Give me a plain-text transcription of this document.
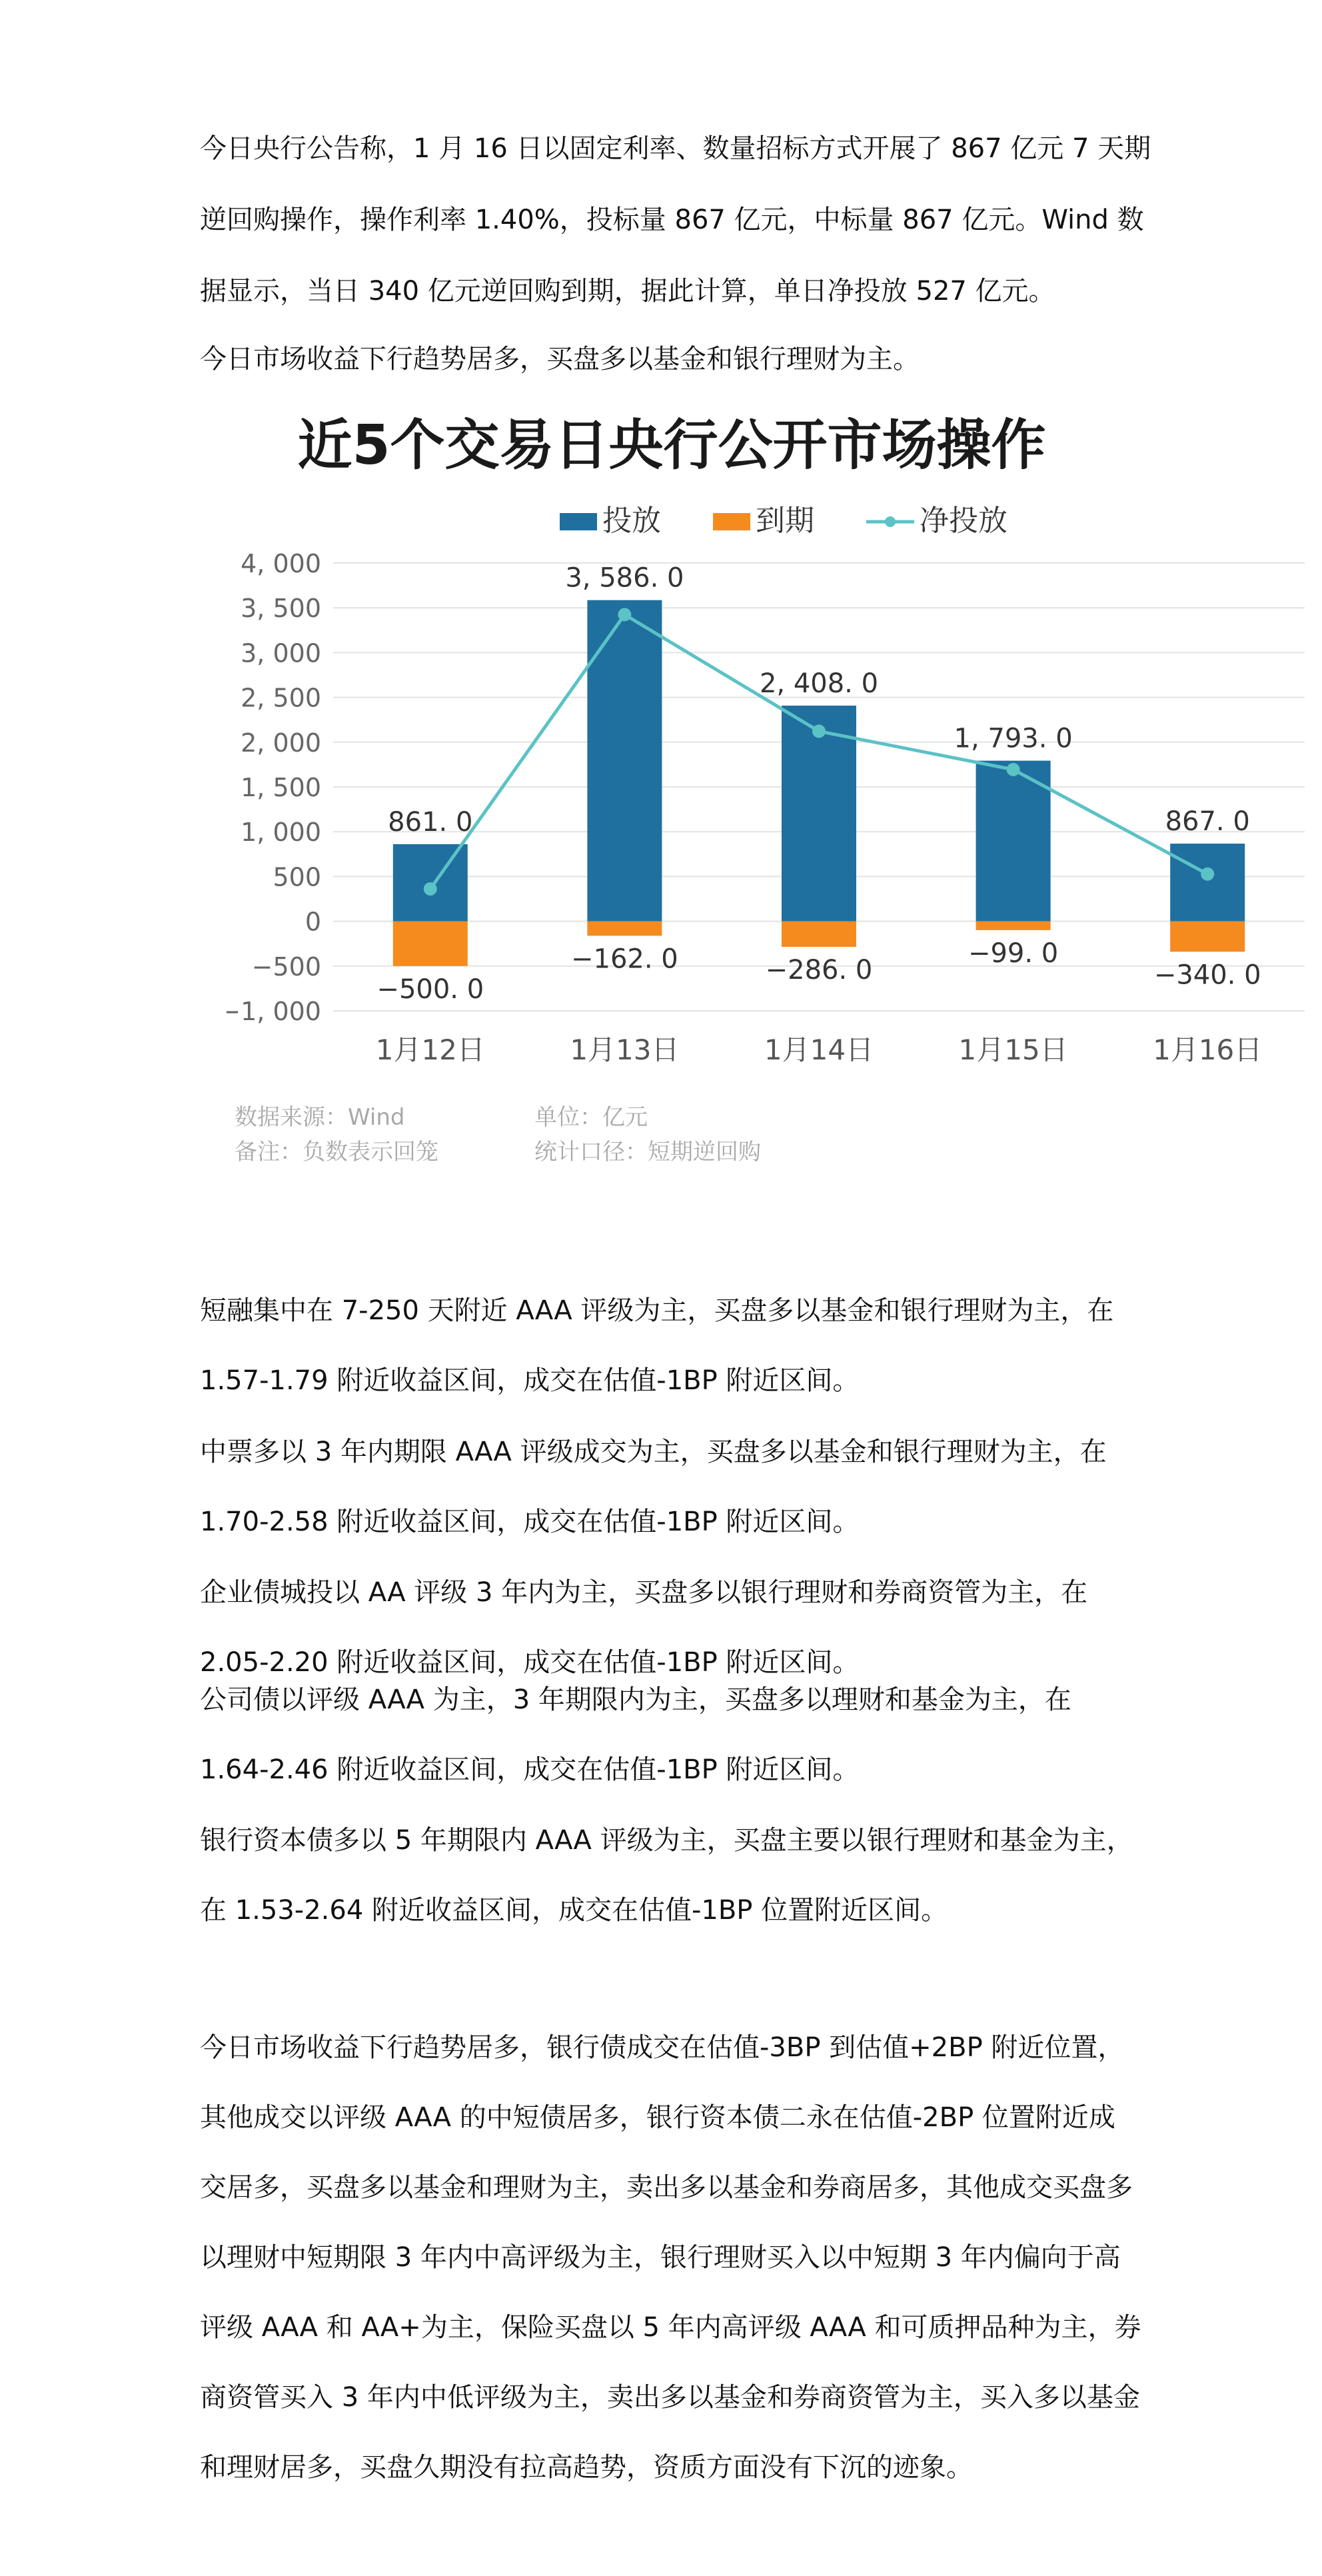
今日央行公告称，1 月 16 日以固定利率、数量招标方式开展了 867 亿元 7 天期
逆回购操作，操作利率 1.40%，投标量 867 亿元，中标量 867 亿元。Wind 数
据显示，当日 340 亿元逆回购到期，据此计算，单日净投放 527 亿元。
今日市场收益下行趋势居多，买盘多以基金和银行理财为主。
近5个交易日央行公开市场操作
投放	到期	净投放
4, 000
3, 500
3, 000
2, 500
2, 000
1, 500
1, 000
500
0
−500
−1, 000
861. 0
−500. 0
3, 586. 0
−162. 0
2, 408. 0
−286. 0
1, 793. 0
−99. 0
867. 0
−340. 0
1月12日	1月13日	1月14日	1月15日	1月16日
数据来源：Wind	单位：亿元
备注：负数表示回笼	统计口径：短期逆回购
短融集中在 7-250 天附近 AAA 评级为主，买盘多以基金和银行理财为主，在
1.57-1.79 附近收益区间，成交在估值-1BP 附近区间。
中票多以 3 年内期限 AAA 评级成交为主，买盘多以基金和银行理财为主，在
1.70-2.58 附近收益区间，成交在估值-1BP 附近区间。
企业债城投以 AA 评级 3 年内为主，买盘多以银行理财和券商资管为主，在
2.05-2.20 附近收益区间，成交在估值-1BP 附近区间。
公司债以评级 AAA 为主，3 年期限内为主，买盘多以理财和基金为主，在
1.64-2.46 附近收益区间，成交在估值-1BP 附近区间。
银行资本债多以 5 年期限内 AAA 评级为主，买盘主要以银行理财和基金为主，
在 1.53-2.64 附近收益区间，成交在估值-1BP 位置附近区间。
今日市场收益下行趋势居多，银行债成交在估值-3BP 到估值+2BP 附近位置，
其他成交以评级 AAA 的中短债居多，银行资本债二永在估值-2BP 位置附近成
交居多，买盘多以基金和理财为主，卖出多以基金和券商居多，其他成交买盘多
以理财中短期限 3 年内中高评级为主，银行理财买入以中短期 3 年内偏向于高
评级 AAA 和 AA+为主，保险买盘以 5 年内高评级 AAA 和可质押品种为主，券
商资管买入 3 年内中低评级为主，卖出多以基金和券商资管为主，买入多以基金
和理财居多，买盘久期没有拉高趋势，资质方面没有下沉的迹象。
